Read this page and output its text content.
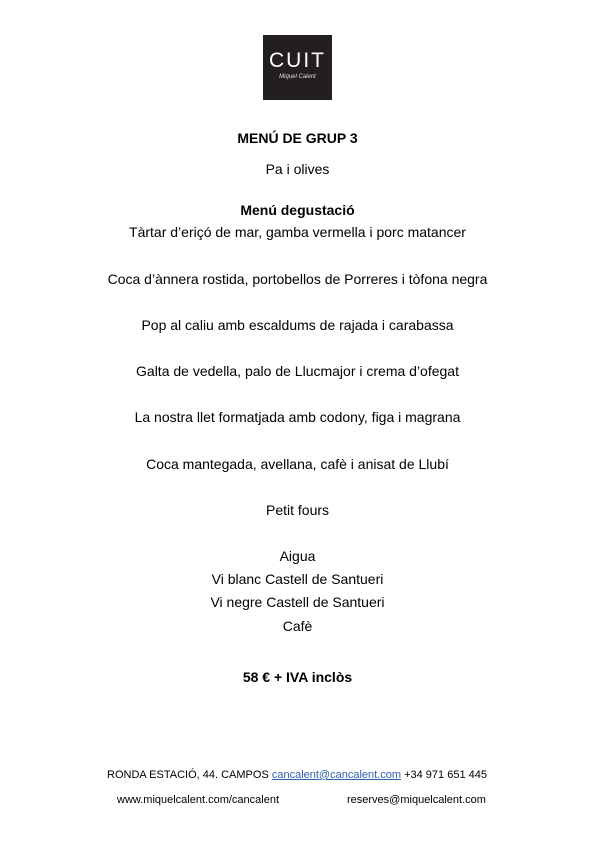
CUIT
Miquel Calent
MENÚ DE GRUP 3
Pa i olives
Menú degustació
Tàrtar d’eriçó de mar, gamba vermella i porc matancer
Coca d’ànnera rostida, portobellos de Porreres i tòfona negra
Pop al caliu amb escaldums de rajada i carabassa
Galta de vedella, palo de Llucmajor i crema d’ofegat
La nostra llet formatjada amb codony, figa i magrana
Coca mantegada, avellana, cafè i anisat de Llubí
Petit fours
Aigua
Vi blanc Castell de Santueri
Vi negre Castell de Santueri
Cafè
58 € + IVA inclòs
RONDA ESTACIÓ, 44. CAMPOS cancalent@cancalent.com +34 971 651 445
www.miquelcalent.com/cancalent	reserves@miquelcalent.com
